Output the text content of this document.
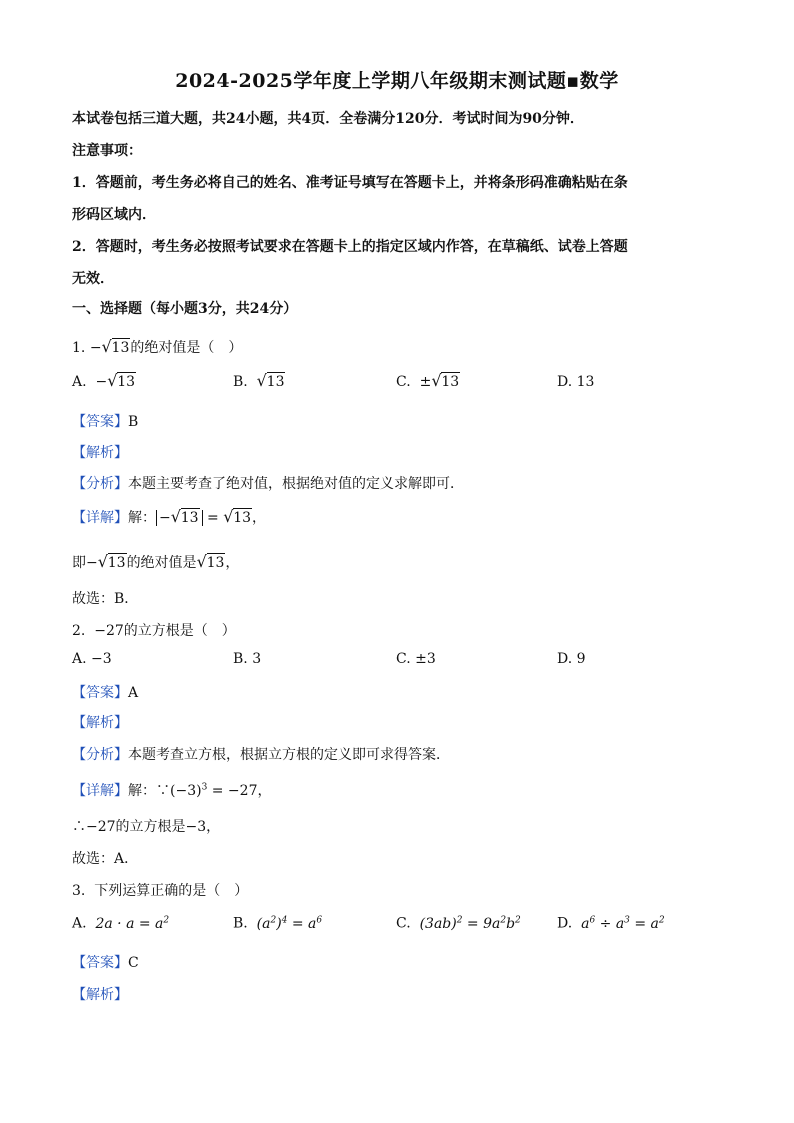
2024-2025学年度上学期八年级期末测试题▪数学
本试卷包括三道大题，共24小题，共4页．全卷满分120分．考试时间为90分钟．
注意事项：
1．答题前，考生务必将自己的姓名、准考证号填写在答题卡上，并将条形码准确粘贴在条
形码区域内．
2．答题时，考生务必按照考试要求在答题卡上的指定区域内作答，在草稿纸、试卷上答题
无效．
一、选择题（每小题3分，共24分）
1. − √ 13的绝对值是（　）
A. − √ 13	B. √ 13	C. ± √ 13	D. 13
【答案】B
【解析】
【分析】本题主要考查了绝对值，根据绝对值的定义求解即可．
【详解】解： − √ 13 = √ 13，
即− √ 13的绝对值是 √ 13，
故选：B．
2. −27的立方根是（　）
A. −3	B. 3	C. ±3	D. 9
【答案】A
【解析】
【分析】本题考查立方根，根据立方根的定义即可求得答案．
【详解】解：$\because(-3)^3 = -27$，
∴−27的立方根是−3，
故选：A．
3. 下列运算正确的是（　）
A. $2a \cdot a = a^2$	B. $(a^2)^4 = a^6$	C. $(3ab)^2 = 9a^2b^2$	D. $a^6 \div a^3 = a^2$
【答案】C
【解析】
